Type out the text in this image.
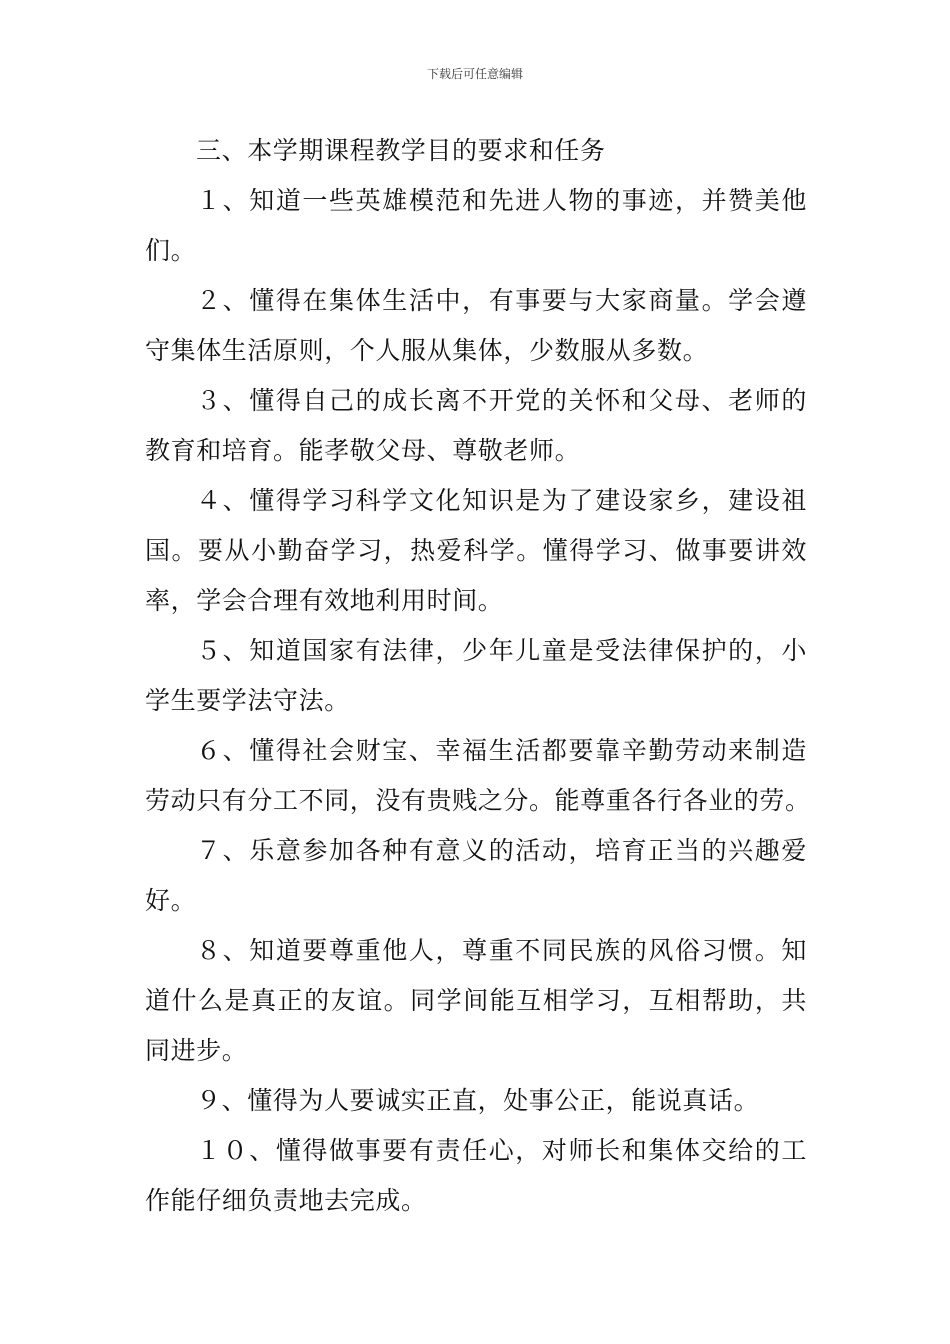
下载后可任意编辑
三、本学期课程教学目的要求和任务
１、知道一些英雄模范和先进人物的事迹，并赞美他
们。
２、懂得在集体生活中，有事要与大家商量。学会遵
守集体生活原则，个人服从集体，少数服从多数。
３、懂得自己的成长离不开党的关怀和父母、老师的
教育和培育。能孝敬父母、尊敬老师。
４、懂得学习科学文化知识是为了建设家乡，建设祖
国。要从小勤奋学习，热爱科学。懂得学习、做事要讲效
率，学会合理有效地利用时间。
５、知道国家有法律，少年儿童是受法律保护的，小
学生要学法守法。
６、懂得社会财宝、幸福生活都要靠辛勤劳动来制造
劳动只有分工不同，没有贵贱之分。能尊重各行各业的劳。
７、乐意参加各种有意义的活动，培育正当的兴趣爱
好。
８、知道要尊重他人，尊重不同民族的风俗习惯。知
道什么是真正的友谊。同学间能互相学习，互相帮助，共
同进步。
９、懂得为人要诚实正直，处事公正，能说真话。
１０、懂得做事要有责任心，对师长和集体交给的工
作能仔细负责地去完成。
